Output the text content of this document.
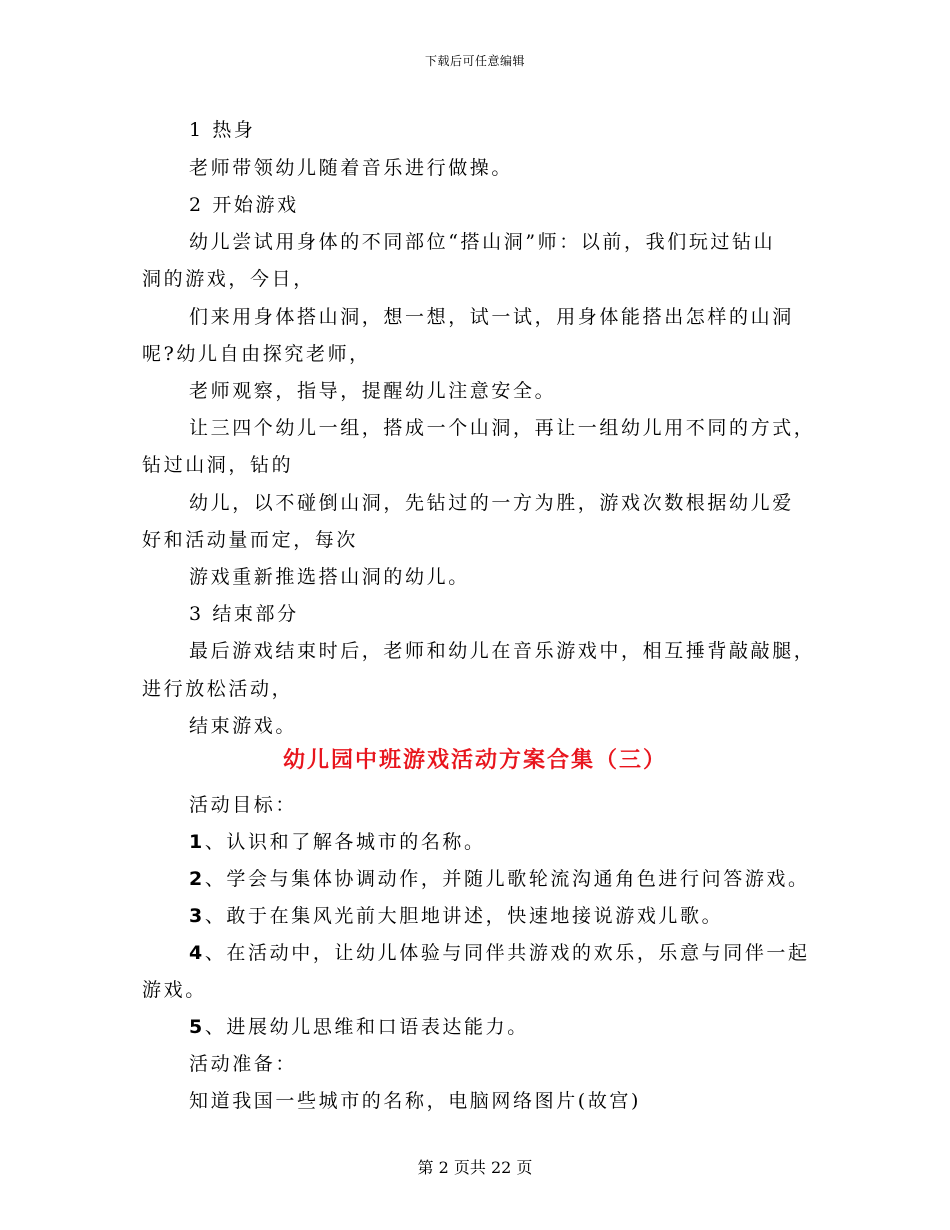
下载后可任意编辑
1 热身
老师带领幼儿随着音乐进行做操。
2 开始游戏
幼儿尝试用身体的不同部位“搭山洞”师：以前，我们玩过钻山
洞的游戏，今日，
们来用身体搭山洞，想一想，试一试，用身体能搭出怎样的山洞
呢?幼儿自由探究老师，
老师观察，指导，提醒幼儿注意安全。
让三四个幼儿一组，搭成一个山洞，再让一组幼儿用不同的方式，
钻过山洞，钻的
幼儿，以不碰倒山洞，先钻过的一方为胜，游戏次数根据幼儿爱
好和活动量而定，每次
游戏重新推选搭山洞的幼儿。
3 结束部分
最后游戏结束时后，老师和幼儿在音乐游戏中，相互捶背敲敲腿，
进行放松活动，
结束游戏。
幼儿园中班游戏活动方案合集（三）
活动目标：
1、认识和了解各城市的名称。
2、学会与集体协调动作，并随儿歌轮流沟通角色进行问答游戏。
3、敢于在集风光前大胆地讲述，快速地接说游戏儿歌。
4、在活动中，让幼儿体验与同伴共游戏的欢乐，乐意与同伴一起
游戏。
5、进展幼儿思维和口语表达能力。
活动准备：
知道我国一些城市的名称，电脑网络图片(故宫)
第 2 页共 22 页
